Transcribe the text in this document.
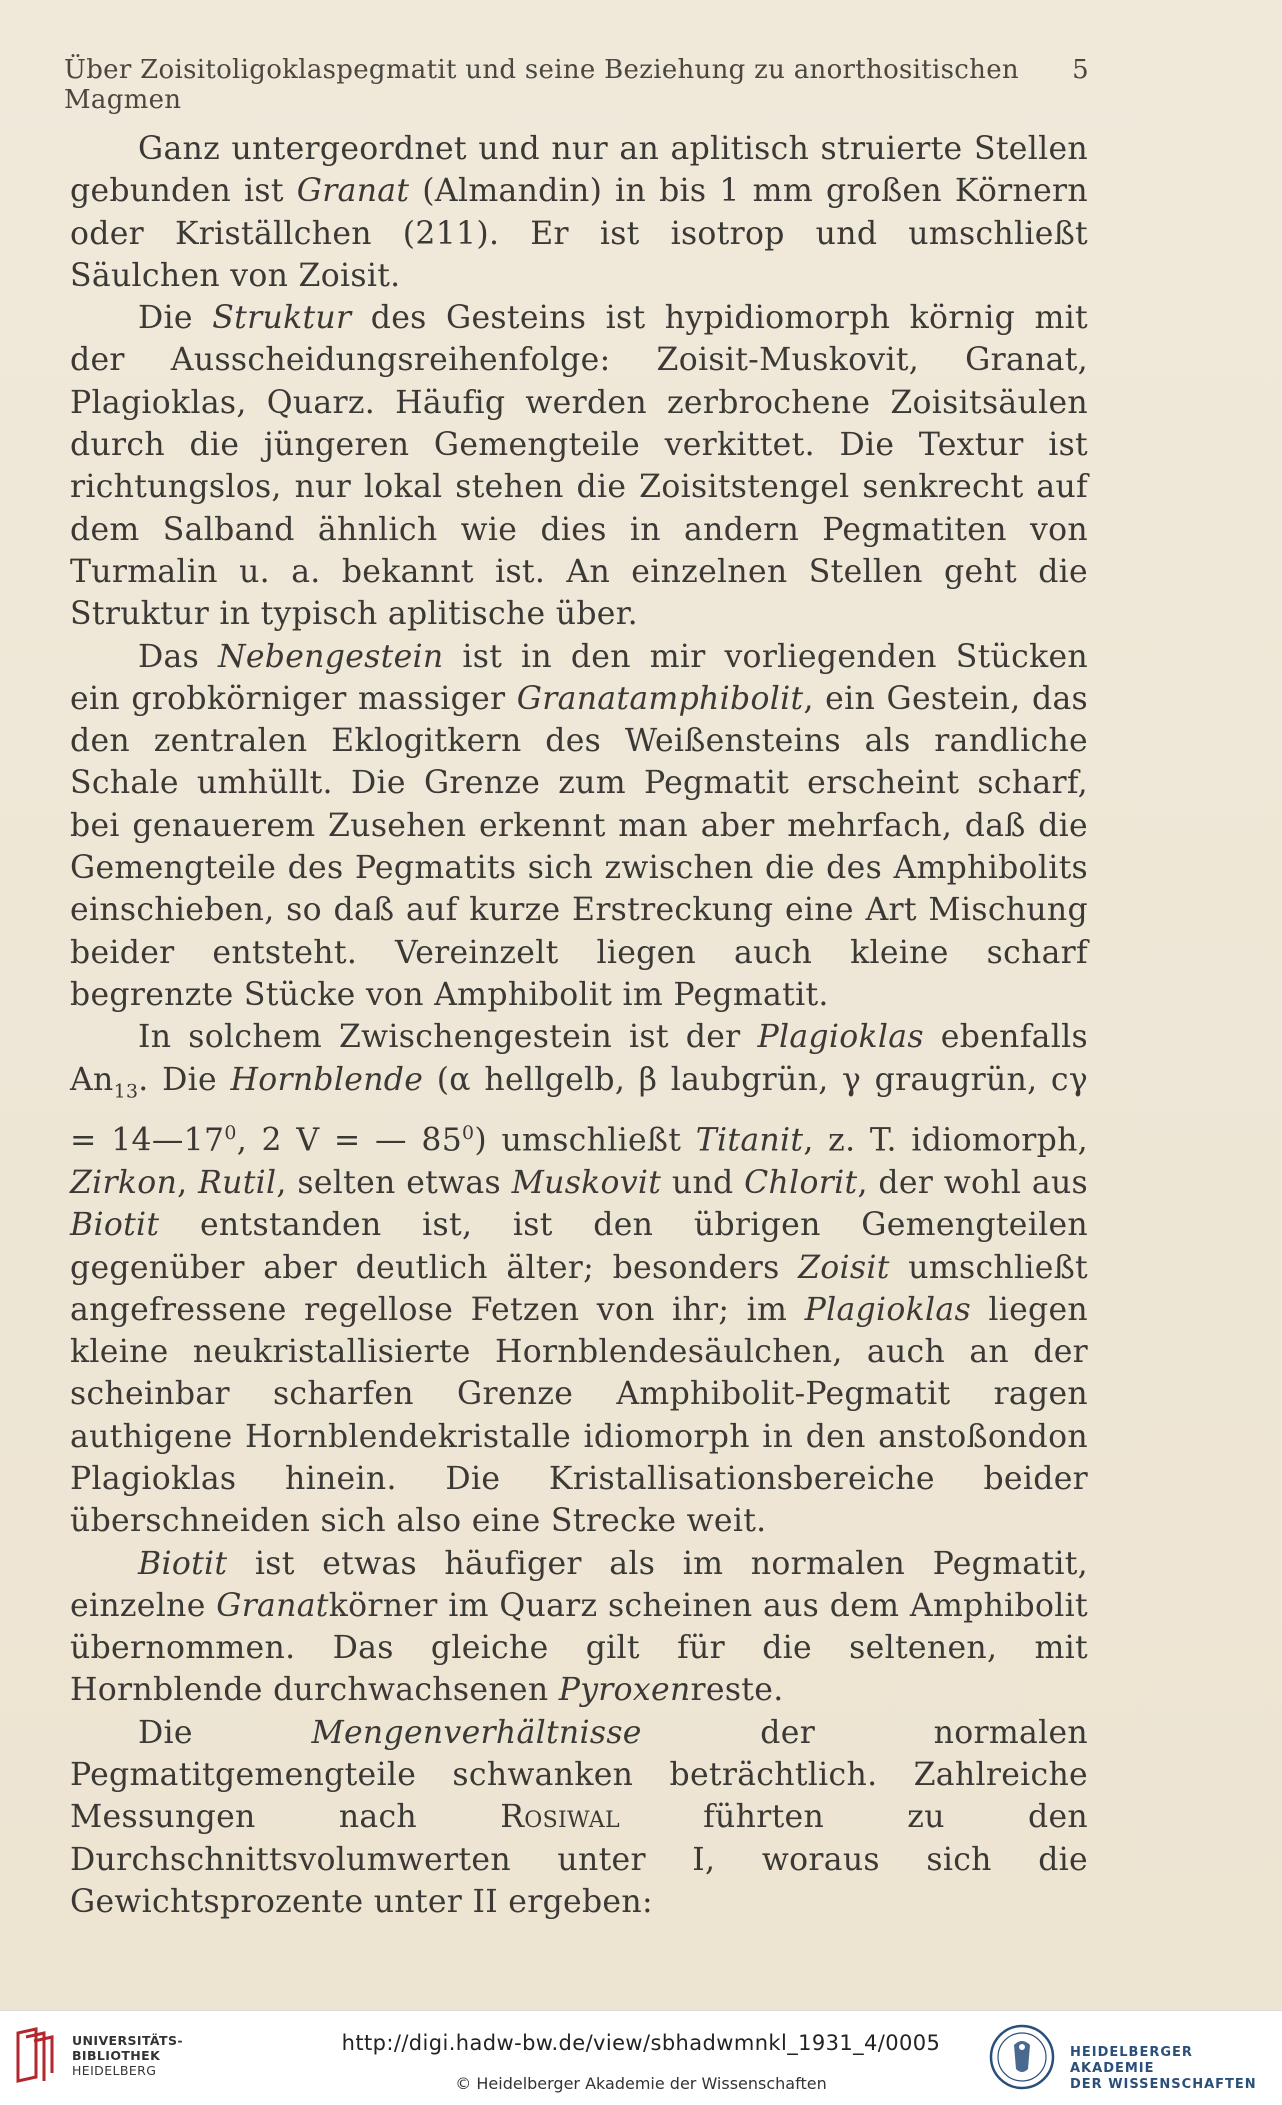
Über Zoisitoligoklaspegmatit und seine Beziehung zu anorthositischen Magmen
5

Ganz untergeordnet und nur an aplitisch struierte Stellen gebunden ist Granat (Almandin) in bis 1 mm großen Körnern oder Kriställchen (211). Er ist isotrop und umschließt Säulchen von Zoisit.

Die Struktur des Gesteins ist hypidiomorph körnig mit der Ausscheidungsreihenfolge: Zoisit-Muskovit, Granat, Plagioklas, Quarz. Häufig werden zerbrochene Zoisitsäulen durch die jüngeren Gemengteile verkittet. Die Textur ist richtungslos, nur lokal stehen die Zoisitstengel senkrecht auf dem Salband ähnlich wie dies in andern Pegmatiten von Turmalin u. a. bekannt ist. An einzelnen Stellen geht die Struktur in typisch aplitische über.

Das Nebengestein ist in den mir vorliegenden Stücken ein grobkörniger massiger Granatamphibolit, ein Gestein, das den zentralen Eklogitkern des Weißensteins als randliche Schale umhüllt. Die Grenze zum Pegmatit erscheint scharf, bei genauerem Zusehen erkennt man aber mehrfach, daß die Gemengteile des Pegmatits sich zwischen die des Amphibolits einschieben, so daß auf kurze Erstreckung eine Art Mischung beider entsteht. Vereinzelt liegen auch kleine scharf begrenzte Stücke von Amphibolit im Pegmatit.

In solchem Zwischengestein ist der Plagioklas ebenfalls $An_{13}$. Die Hornblende (α hellgelb, β laubgrün, γ graugrün, $c\gamma = 14—17^0$, 2 V = — $85^0$) umschließt Titanit, z. T. idiomorph, Zirkon, Rutil, selten etwas Muskovit und Chlorit, der wohl aus Biotit entstanden ist, ist den übrigen Gemengteilen gegenüber aber deutlich älter; besonders Zoisit umschließt angefressene regellose Fetzen von ihr; im Plagioklas liegen kleine neukristallisierte Hornblendesäulchen, auch an der scheinbar scharfen Grenze Amphibolit-Pegmatit ragen authigene Hornblendekristalle idiomorph in den anstoßondon Plagioklas hinein. Die Kristallisationsbereiche beider überschneiden sich also eine Strecke weit.

Biotit ist etwas häufiger als im normalen Pegmatit, einzelne Granatkörner im Quarz scheinen aus dem Amphibolit übernommen. Das gleiche gilt für die seltenen, mit Hornblende durchwachsenen Pyroxenreste.

Die Mengenverhältnisse der normalen Pegmatitgemengteile schwanken beträchtlich. Zahlreiche Messungen nach Rosiwal führten zu den Durchschnittsvolumwerten unter I, woraus sich die Gewichtsprozente unter II ergeben:

UNIVERSITÄTS-
BIBLIOTHEK
HEIDELBERG
http://digi.hadw-bw.de/view/sbhadwmnkl_1931_4/0005
© Heidelberger Akademie der Wissenschaften
HEIDELBERGER AKADEMIE
DER WISSENSCHAFTEN
